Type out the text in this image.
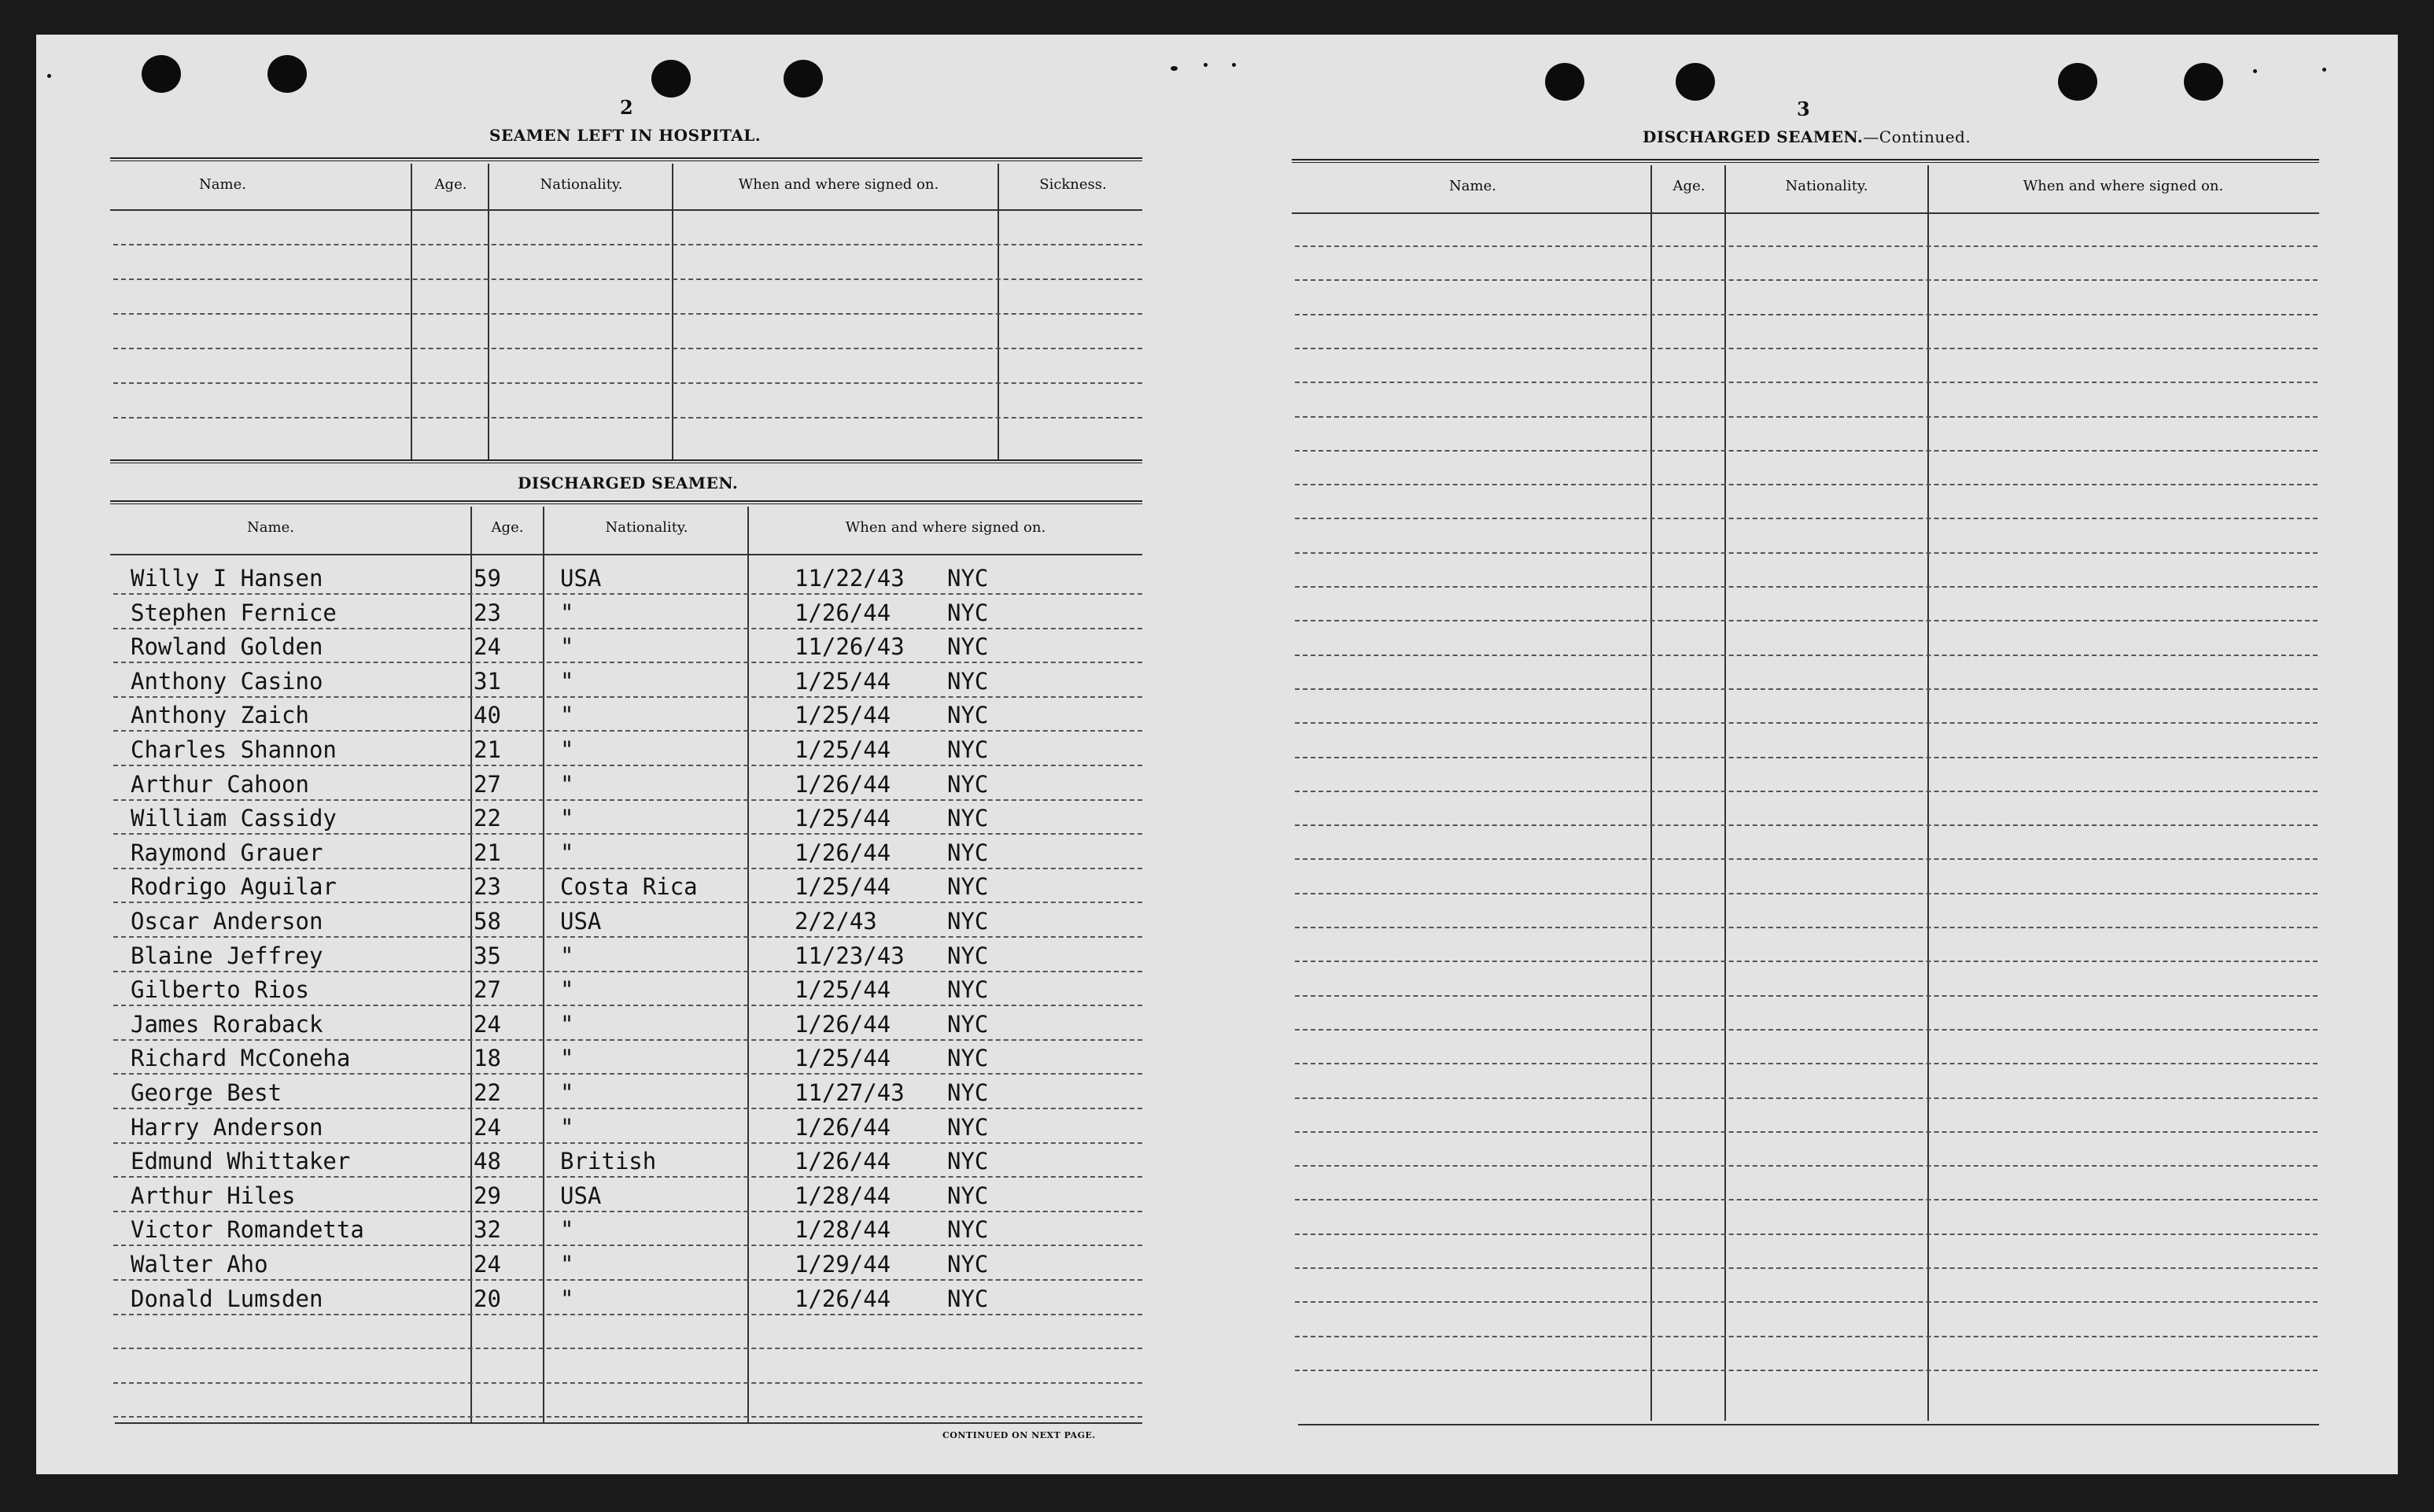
2
SEAMEN LEFT IN HOSPITAL.
Name.	Age.	Nationality.	When and where signed on.	Sickness.
DISCHARGED SEAMEN.
Name.	Age.	Nationality.	When and where signed on.
Willy I Hansen	59	USA	11/22/43 NYC
Stephen Fernice	23	"	1/26/44 NYC
Rowland Golden	24	"	11/26/43 NYC
Anthony Casino	31	"	1/25/44 NYC
Anthony Zaich	40	"	1/25/44 NYC
Charles Shannon	21	"	1/25/44 NYC
Arthur Cahoon	27	"	1/26/44 NYC
William Cassidy	22	"	1/25/44 NYC
Raymond Grauer	21	"	1/26/44 NYC
Rodrigo Aguilar	23	Costa Rica	1/25/44 NYC
Oscar Anderson	58	USA	2/2/43	NYC
Blaine Jeffrey	35	"	11/23/43 NYC
Gilberto Rios	27	"	1/25/44 NYC
James Roraback	24	"	1/26/44 NYC
Richard McConeha	18	"	1/25/44 NYC
George Best	22	"	11/27/43 NYC
Harry Anderson	24	"	1/26/44 NYC
Edmund Whittaker	48	British	1/26/44 NYC
Arthur Hiles	29	USA	1/28/44 NYC
Victor Romandetta	32	"	1/28/44 NYC
Walter Aho	24	"	1/29/44 NYC
Donald Lumsden	20	"	1/26/44 NYC
CONTINUED ON NEXT PAGE.
3
DISCHARGED SEAMEN.—Continued.
Name.	Age.	Nationality.	When and where signed on.
